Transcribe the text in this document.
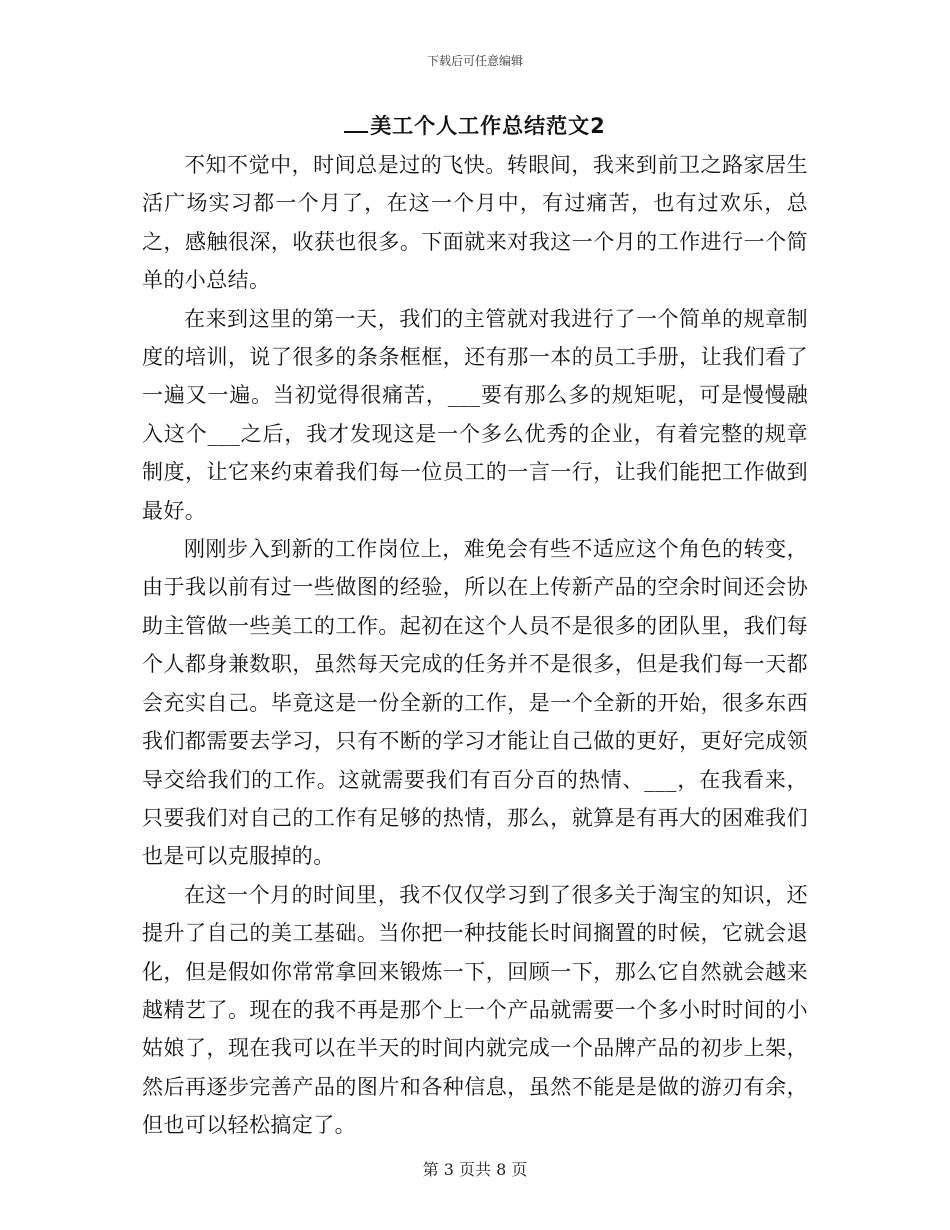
下载后可任意编辑
美工个人工作总结范文2

不知不觉中，时间总是过的飞快。转眼间，我来到前卫之路家居生活广场实习都一个月了，在这一个月中，有过痛苦，也有过欢乐，总之，感触很深，收获也很多。下面就来对我这一个月的工作进行一个简单的小总结。

在来到这里的第一天，我们的主管就对我进行了一个简单的规章制度的培训，说了很多的条条框框，还有那一本的员工手册，让我们看了一遍又一遍。当初觉得很痛苦，___要有那么多的规矩呢，可是慢慢融入这个___之后，我才发现这是一个多么优秀的企业，有着完整的规章制度，让它来约束着我们每一位员工的一言一行，让我们能把工作做到最好。

刚刚步入到新的工作岗位上，难免会有些不适应这个角色的转变，由于我以前有过一些做图的经验，所以在上传新产品的空余时间还会协助主管做一些美工的工作。起初在这个人员不是很多的团队里，我们每个人都身兼数职，虽然每天完成的任务并不是很多，但是我们每一天都会充实自己。毕竟这是一份全新的工作，是一个全新的开始，很多东西我们都需要去学习，只有不断的学习才能让自己做的更好，更好完成领导交给我们的工作。这就需要我们有百分百的热情、___，在我看来，只要我们对自己的工作有足够的热情，那么，就算是有再大的困难我们也是可以克服掉的。

在这一个月的时间里，我不仅仅学习到了很多关于淘宝的知识，还提升了自己的美工基础。当你把一种技能长时间搁置的时候，它就会退化，但是假如你常常拿回来锻炼一下，回顾一下，那么它自然就会越来越精艺了。现在的我不再是那个上一个产品就需要一个多小时时间的小姑娘了，现在我可以在半天的时间内就完成一个品牌产品的初步上架，然后再逐步完善产品的图片和各种信息，虽然不能是是做的游刃有余，但也可以轻松搞定了。

第 3 页共 8 页
